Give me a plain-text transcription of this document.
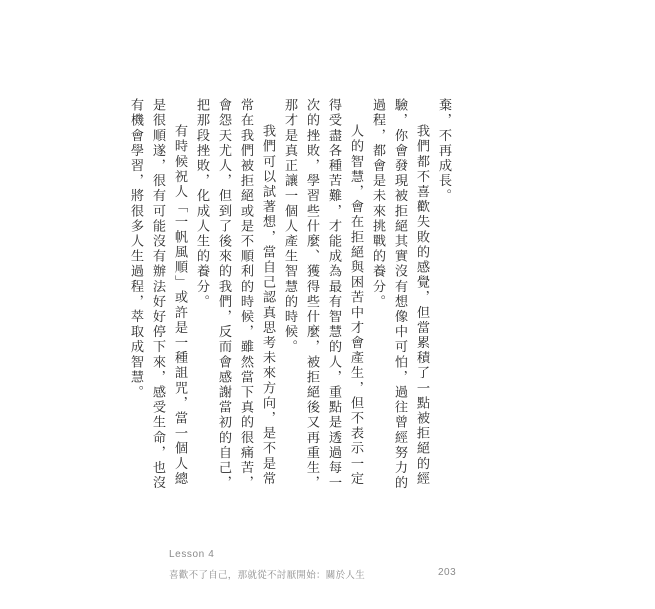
棄，不再成長。

我們都不喜歡失敗的感覺，但當累積了一點被拒絕的經驗，你會發現被拒絕其實沒有想像中可怕，過往曾經努力的過程，都會是未來挑戰的養分。

人的智慧，會在拒絕與困苦中才會產生，但不表示一定得受盡各種苦難，才能成為最有智慧的人，重點是透過每一次的挫敗，學習些什麼、獲得些什麼，被拒絕後又再重生，那才是真正讓一個人產生智慧的時候。

我們可以試著想，當自己認真思考未來方向，是不是常常在我們被拒絕或是不順利的時候，雖然當下真的很痛苦，會怨天尤人，但到了後來的我們，反而會感謝當初的自己，把那段挫敗，化成人生的養分。

有時候祝人「一帆風順」或許是一種詛咒，當一個人總是很順遂，很有可能沒有辦法好好停下來，感受生命，也沒有機會學習，將很多人生過程，萃取成智慧。

Lesson 4
喜歡不了自己，那就從不討厭開始：關於人生	203
